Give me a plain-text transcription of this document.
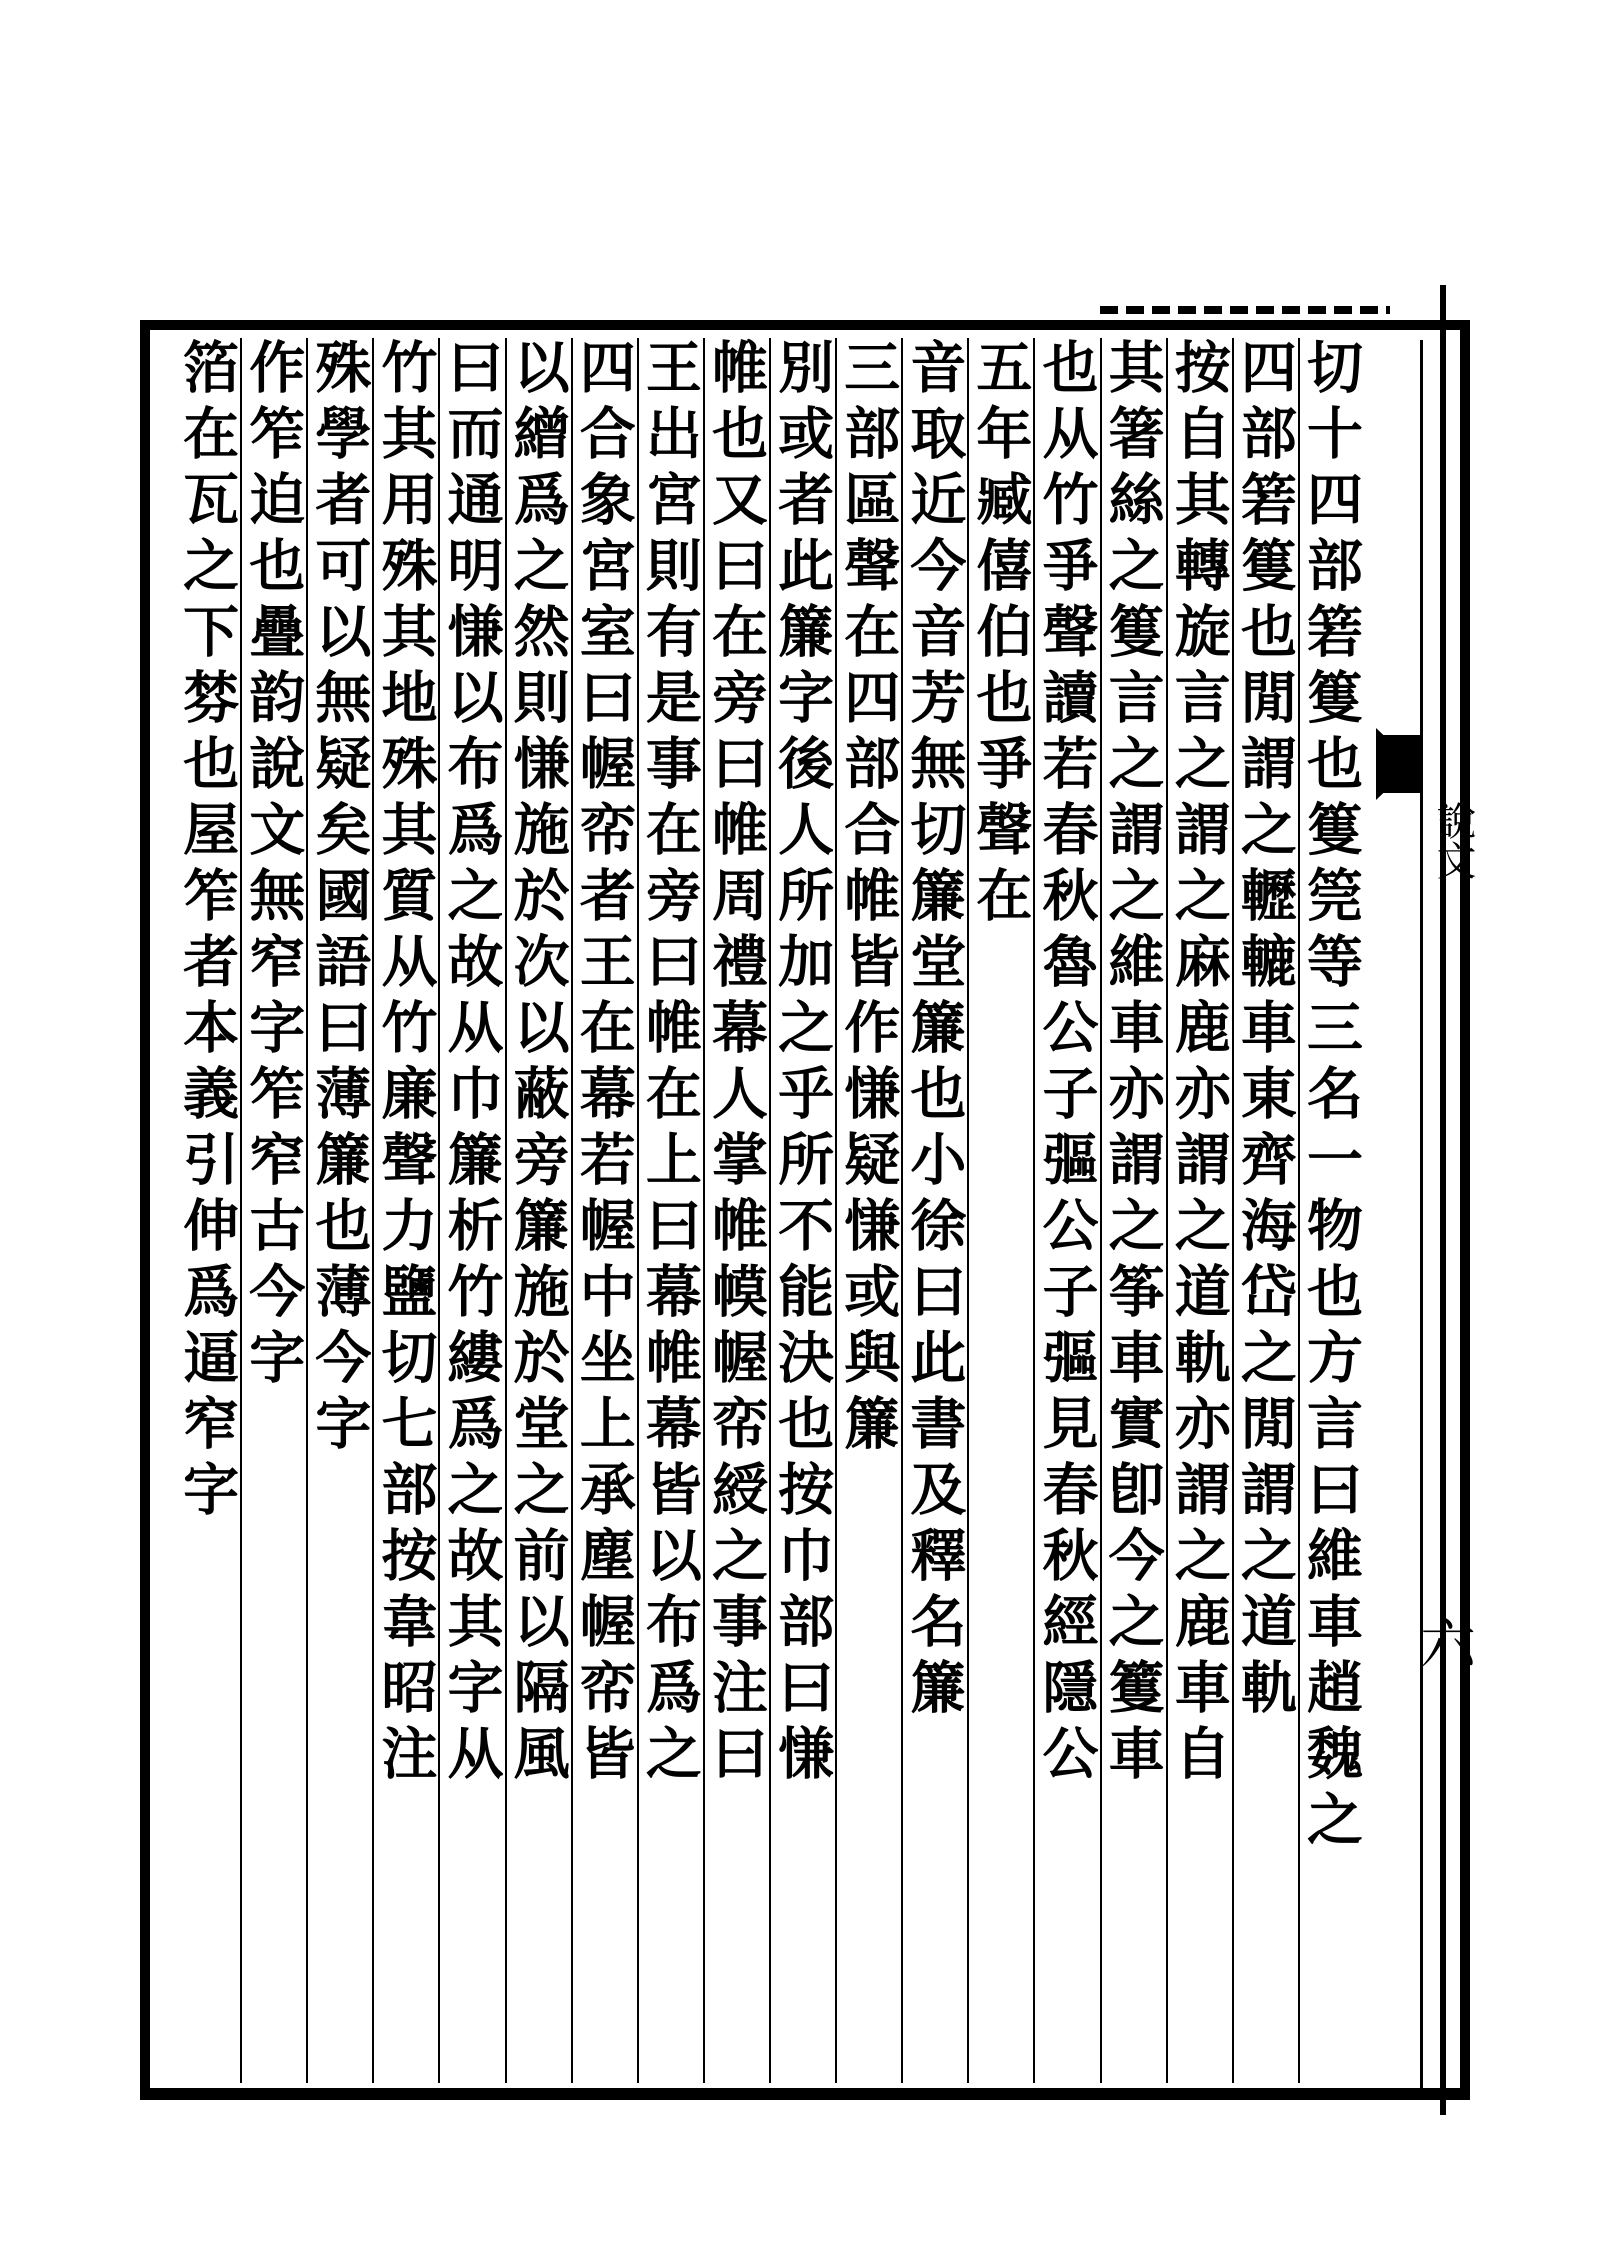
說文
六
切十四部箬篗也篗筦等三名一物也方言曰維車趙魏之
四部箬篗也閒謂之轣轆車東齊海岱之閒謂之道軌
按自其轉旋言之謂之麻鹿亦謂之道軌亦謂之鹿車自
其箸絲之篗言之謂之維車亦謂之筝車實卽今之籆車
也从竹爭聲讀若春秋魯公子彄公子彄見春秋經隱公
五年臧僖伯也爭聲在
音取近今音芳無切簾堂簾也小徐曰此書及釋名簾
三部區聲在四部合帷皆作慊疑慊或與簾
別或者此簾字後人所加之乎所不能決也按巾部曰慊
帷也又曰在旁曰帷周禮幕人掌帷幙幄帟綬之事注曰
王出宮則有是事在旁曰帷在上曰幕帷幕皆以布爲之
四合象宮室曰幄帟者王在幕若幄中坐上承塵幄帟皆
以繒爲之然則慊施於次以蔽旁簾施於堂之前以隔風
曰而通明慊以布爲之故从巾簾析竹縷爲之故其字从
竹其用殊其地殊其質从竹廉聲力鹽切七部按韋昭注
殊學者可以無疑矣國語曰薄簾也薄今字
作笮迫也疊韵說文無窄字笮窄古今字
箔在瓦之下棼也屋笮者本義引伸爲逼窄字
